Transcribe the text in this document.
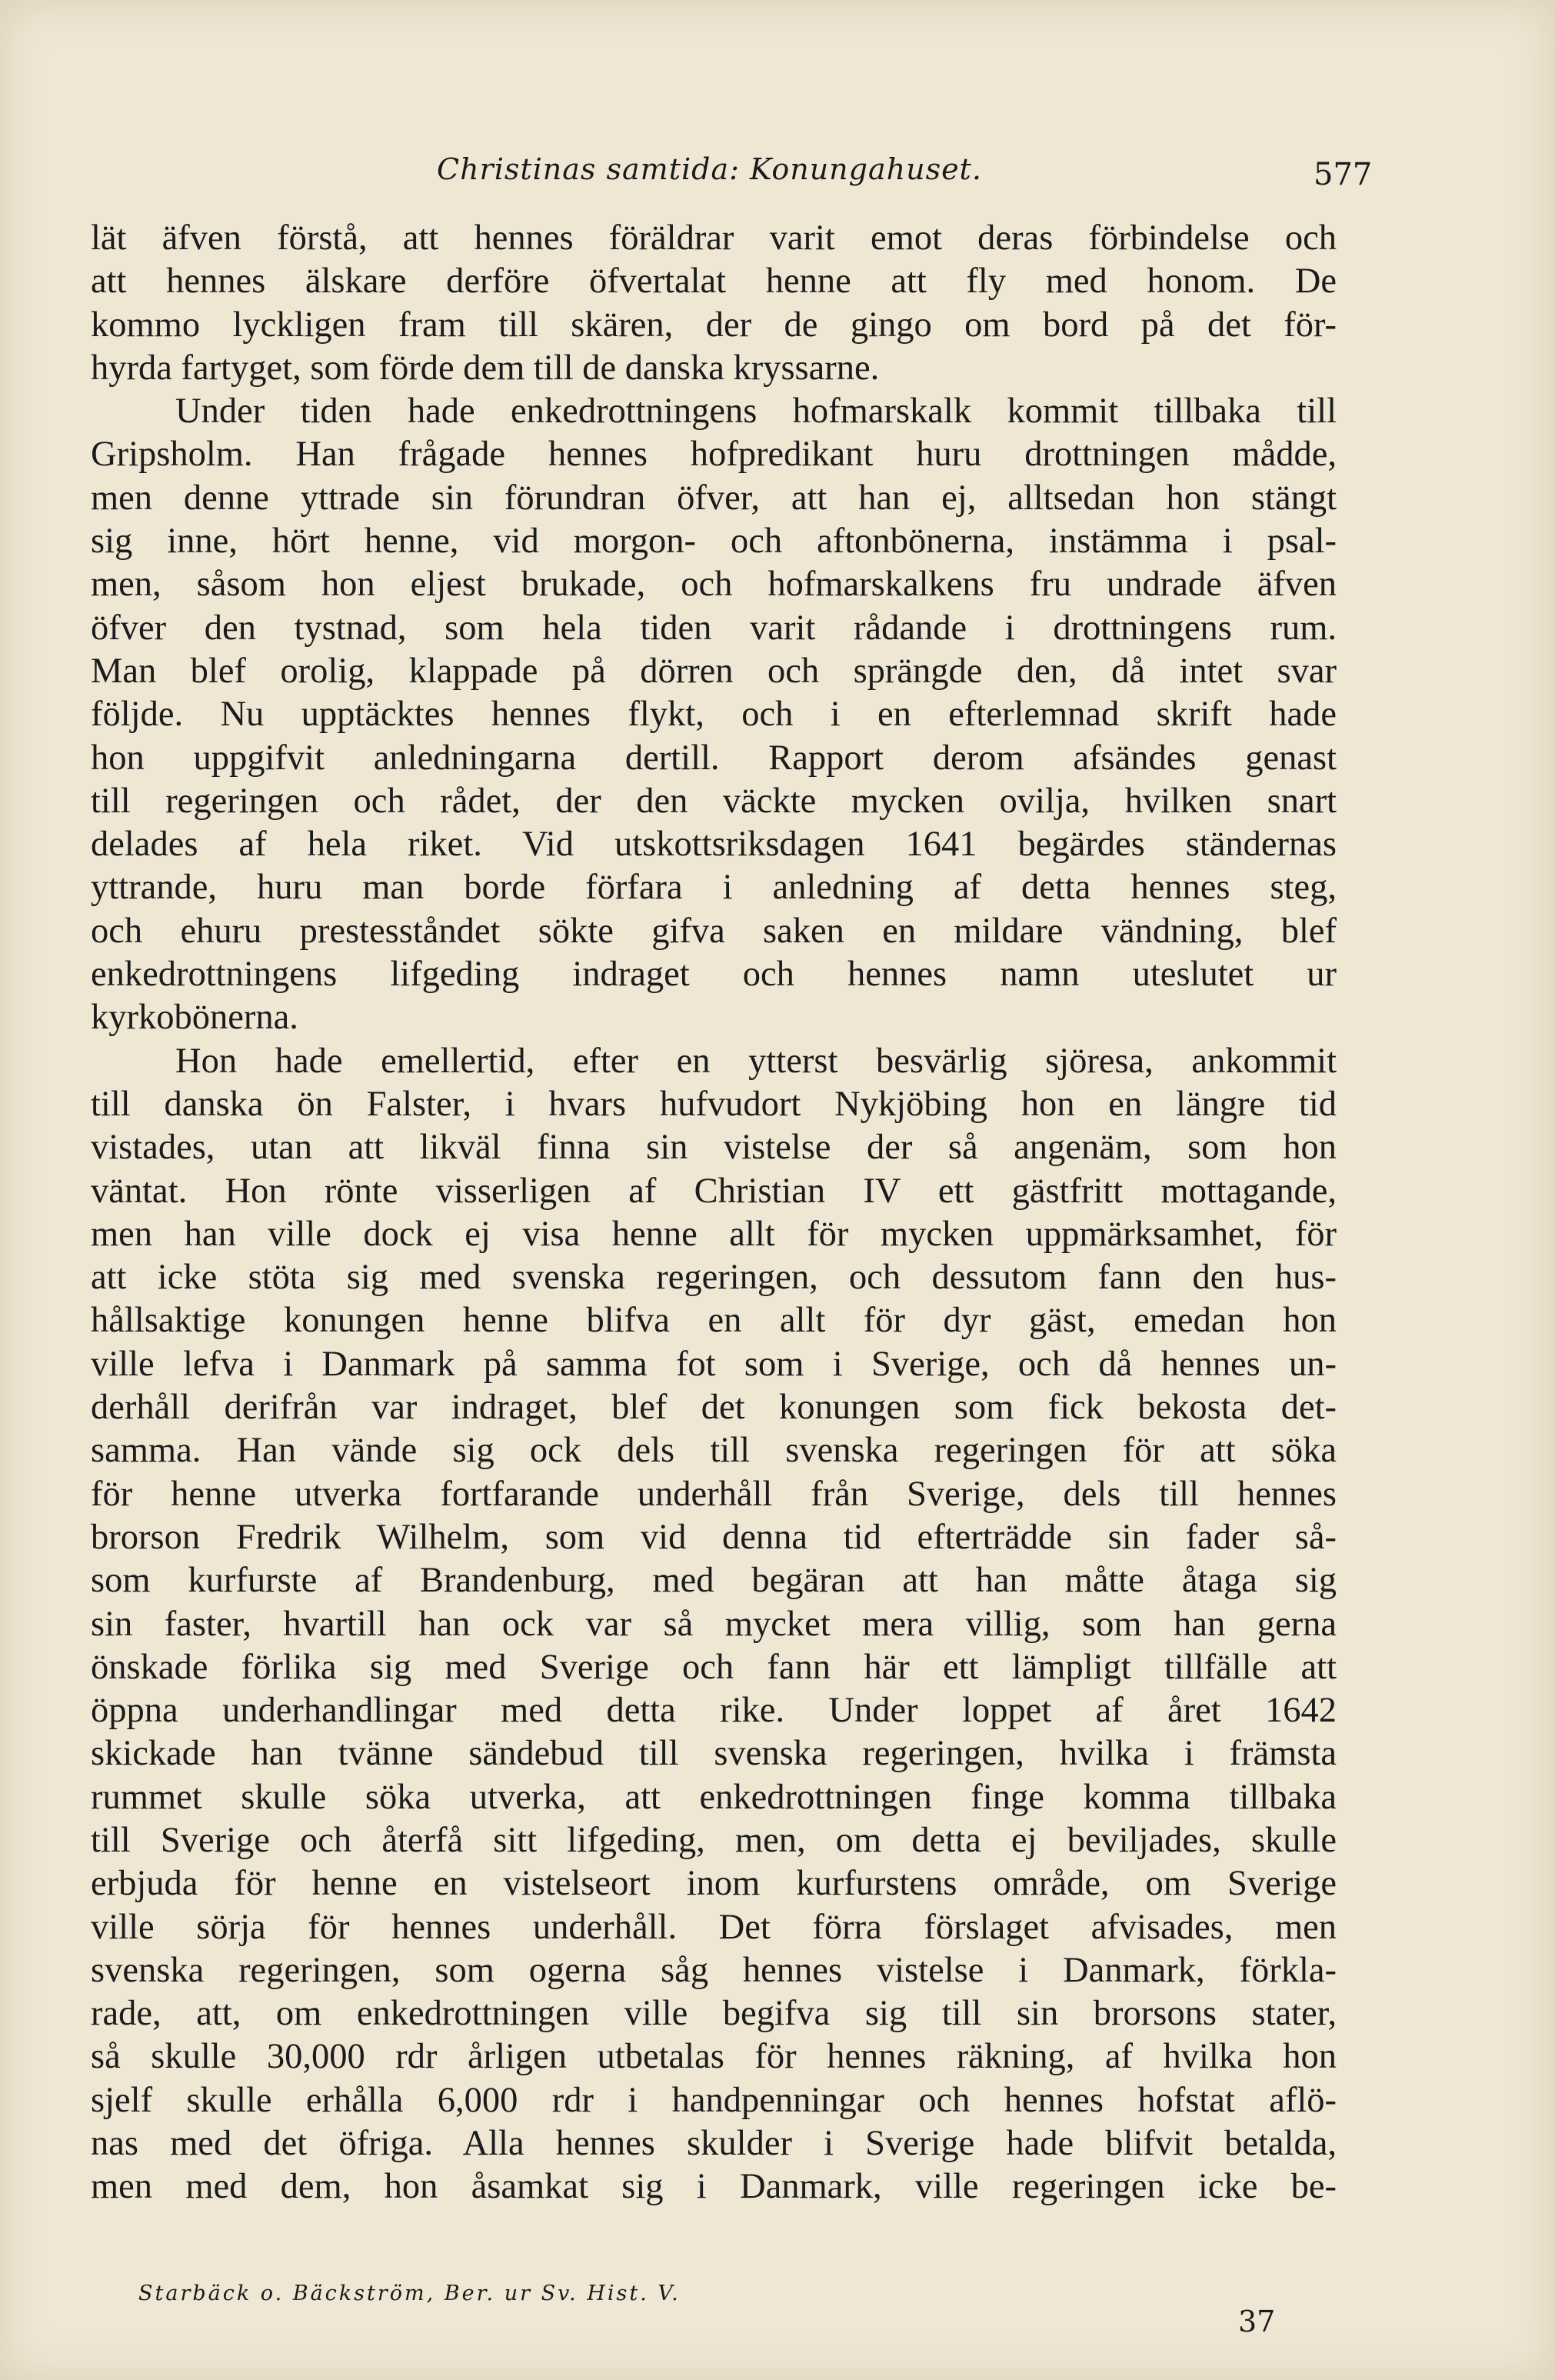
Christinas samtida: Konungahuset.	577
lät äfven förstå, att hennes föräldrar varit emot deras förbindelse och
att hennes älskare derföre öfvertalat henne att fly med honom. De
kommo lyckligen fram till skären, der de gingo om bord på det för-
hyrda fartyget, som förde dem till de danska kryssarne.
Under tiden hade enkedrottningens hofmarskalk kommit tillbaka till
Gripsholm. Han frågade hennes hofpredikant huru drottningen mådde,
men denne yttrade sin förundran öfver, att han ej, alltsedan hon stängt
sig inne, hört henne, vid morgon- och aftonbönerna, instämma i psal-
men, såsom hon eljest brukade, och hofmarskalkens fru undrade äfven
öfver den tystnad, som hela tiden varit rådande i drottningens rum.
Man blef orolig, klappade på dörren och sprängde den, då intet svar
följde. Nu upptäcktes hennes flykt, och i en efterlemnad skrift hade
hon uppgifvit anledningarna dertill. Rapport derom afsändes genast
till regeringen och rådet, der den väckte mycken ovilja, hvilken snart
delades af hela riket. Vid utskottsriksdagen 1641 begärdes ständernas
yttrande, huru man borde förfara i anledning af detta hennes steg,
och ehuru prestesståndet sökte gifva saken en mildare vändning, blef
enkedrottningens lifgeding indraget och hennes namn uteslutet ur
kyrkobönerna.
Hon hade emellertid, efter en ytterst besvärlig sjöresa, ankommit
till danska ön Falster, i hvars hufvudort Nykjöbing hon en längre tid
vistades, utan att likväl finna sin vistelse der så angenäm, som hon
väntat. Hon rönte visserligen af Christian IV ett gästfritt mottagande,
men han ville dock ej visa henne allt för mycken uppmärksamhet, för
att icke stöta sig med svenska regeringen, och dessutom fann den hus-
hållsaktige konungen henne blifva en allt för dyr gäst, emedan hon
ville lefva i Danmark på samma fot som i Sverige, och då hennes un-
derhåll derifrån var indraget, blef det konungen som fick bekosta det-
samma. Han vände sig ock dels till svenska regeringen för att söka
för henne utverka fortfarande underhåll från Sverige, dels till hennes
brorson Fredrik Wilhelm, som vid denna tid efterträdde sin fader så-
som kurfurste af Brandenburg, med begäran att han måtte åtaga sig
sin faster, hvartill han ock var så mycket mera villig, som han gerna
önskade förlika sig med Sverige och fann här ett lämpligt tillfälle att
öppna underhandlingar med detta rike. Under loppet af året 1642
skickade han tvänne sändebud till svenska regeringen, hvilka i främsta
rummet skulle söka utverka, att enkedrottningen finge komma tillbaka
till Sverige och återfå sitt lifgeding, men, om detta ej beviljades, skulle
erbjuda för henne en vistelseort inom kurfurstens område, om Sverige
ville sörja för hennes underhåll. Det förra förslaget afvisades, men
svenska regeringen, som ogerna såg hennes vistelse i Danmark, förkla-
rade, att, om enkedrottningen ville begifva sig till sin brorsons stater,
så skulle 30,000 rdr årligen utbetalas för hennes räkning, af hvilka hon
sjelf skulle erhålla 6,000 rdr i handpenningar och hennes hofstat aflö-
nas med det öfriga. Alla hennes skulder i Sverige hade blifvit betalda,
men med dem, hon åsamkat sig i Danmark, ville regeringen icke be-
Starbäck o. Bäckström, Ber. ur Sv. Hist. V.
37
